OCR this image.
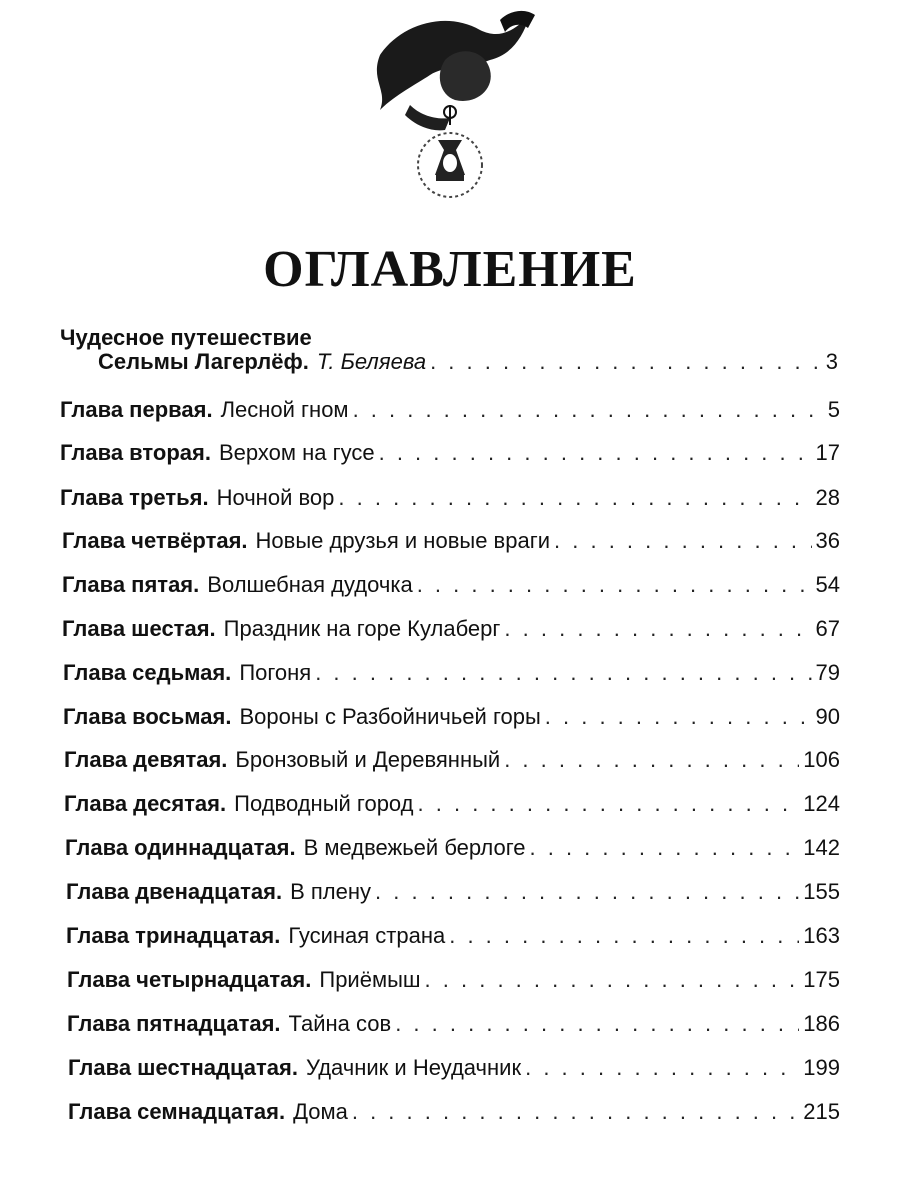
ОГЛАВЛЕНИЕ
Чудесное путешествие
Сельмы Лагерлёф. Т. Беляева . . .	3
Глава первая. Лесной гном . . .	5
Глава вторая. Верхом на гусе . . .	17
Глава третья. Ночной вор . . .	28
Глава четвёртая. Новые друзья и новые враги . . .	36
Глава пятая. Волшебная дудочка . . .	54
Глава шестая. Праздник на горе Кулаберг . . .	67
Глава седьмая. Погоня . . .	79
Глава восьмая. Вороны с Разбойничьей горы . . .	90
Глава девятая. Бронзовый и Деревянный . . .	106
Глава десятая. Подводный город . . .	124
Глава одиннадцатая. В медвежьей берлоге . . .	142
Глава двенадцатая. В плену . . .	155
Глава тринадцатая. Гусиная страна . . .	163
Глава четырнадцатая. Приёмыш . . .	175
Глава пятнадцатая. Тайна сов . . .	186
Глава шестнадцатая. Удачник и Неудачник . . .	199
Глава семнадцатая. Дома . . .	215
